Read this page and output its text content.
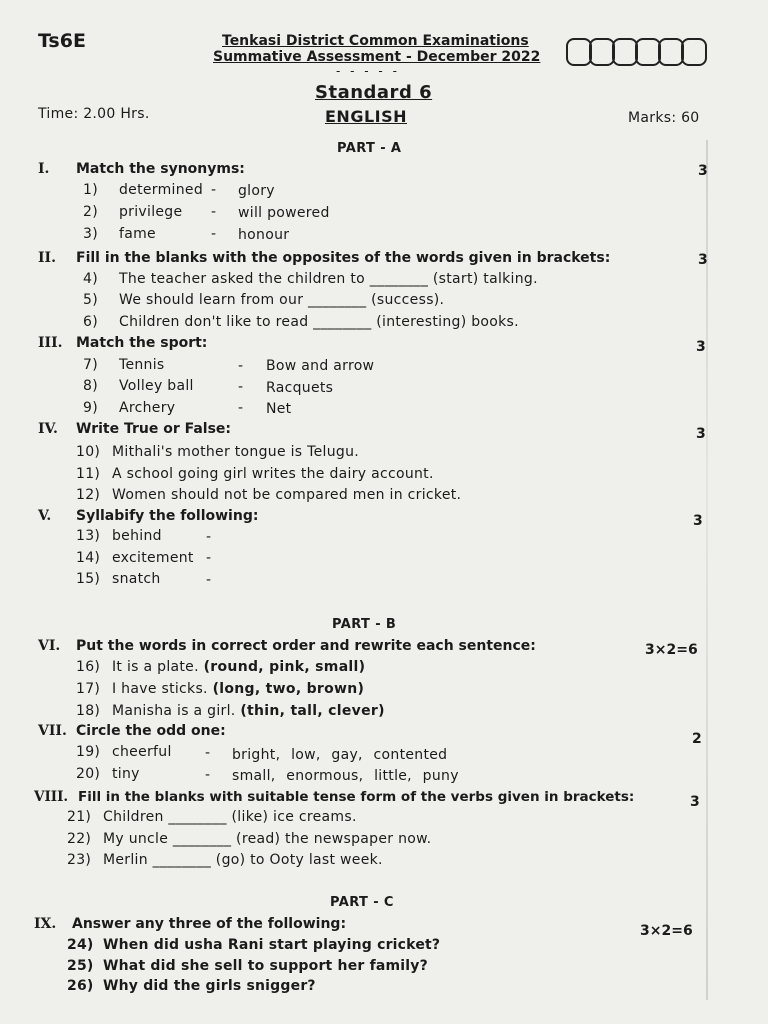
Ts6E	Tenkasi District Common Examinations
Summative Assessment - December 2022
- - - - -
Standard 6
ENGLISH
Time: 2.00 Hrs.	Marks: 60
PART - A
I. Match the synonyms:	3
1) determined - glory
2) privilege - will powered
3) fame	- honour
II. Fill in the blanks with the opposites of the words given in brackets:	3
4) The teacher asked the children to ________ (start) talking.
5) We should learn from our ________ (success).
6) Children don't like to read ________ (interesting) books.
III. Match the sport:	3
7) Tennis	- Bow and arrow
8) Volley ball	- Racquets
9) Archery	- Net
IV. Write True or False:	3
10) Mithali's mother tongue is Telugu.
11) A school going girl writes the dairy account.
12) Women should not be compared men in cricket.
V. Syllabify the following:	3
13) behind	-
14) excitement -
15) snatch	-
PART - B
VI. Put the words in correct order and rewrite each sentence:	3×2=6
16) It is a plate. (round, pink, small)
17) I have sticks. (long, two, brown)
18) Manisha is a girl. (thin, tall, clever)
VII. Circle the odd one:	2
19) cheerful - bright, low, gay, contented
20) tiny	- small, enormous, little, puny
VIII. Fill in the blanks with suitable tense form of the verbs given in brackets:	3
21) Children ________ (like) ice creams.
22) My uncle ________ (read) the newspaper now.
23) Merlin ________ (go) to Ooty last week.
PART - C
IX. Answer any three of the following:	3×2=6
24) When did usha Rani start playing cricket?
25) What did she sell to support her family?
26) Why did the girls snigger?
